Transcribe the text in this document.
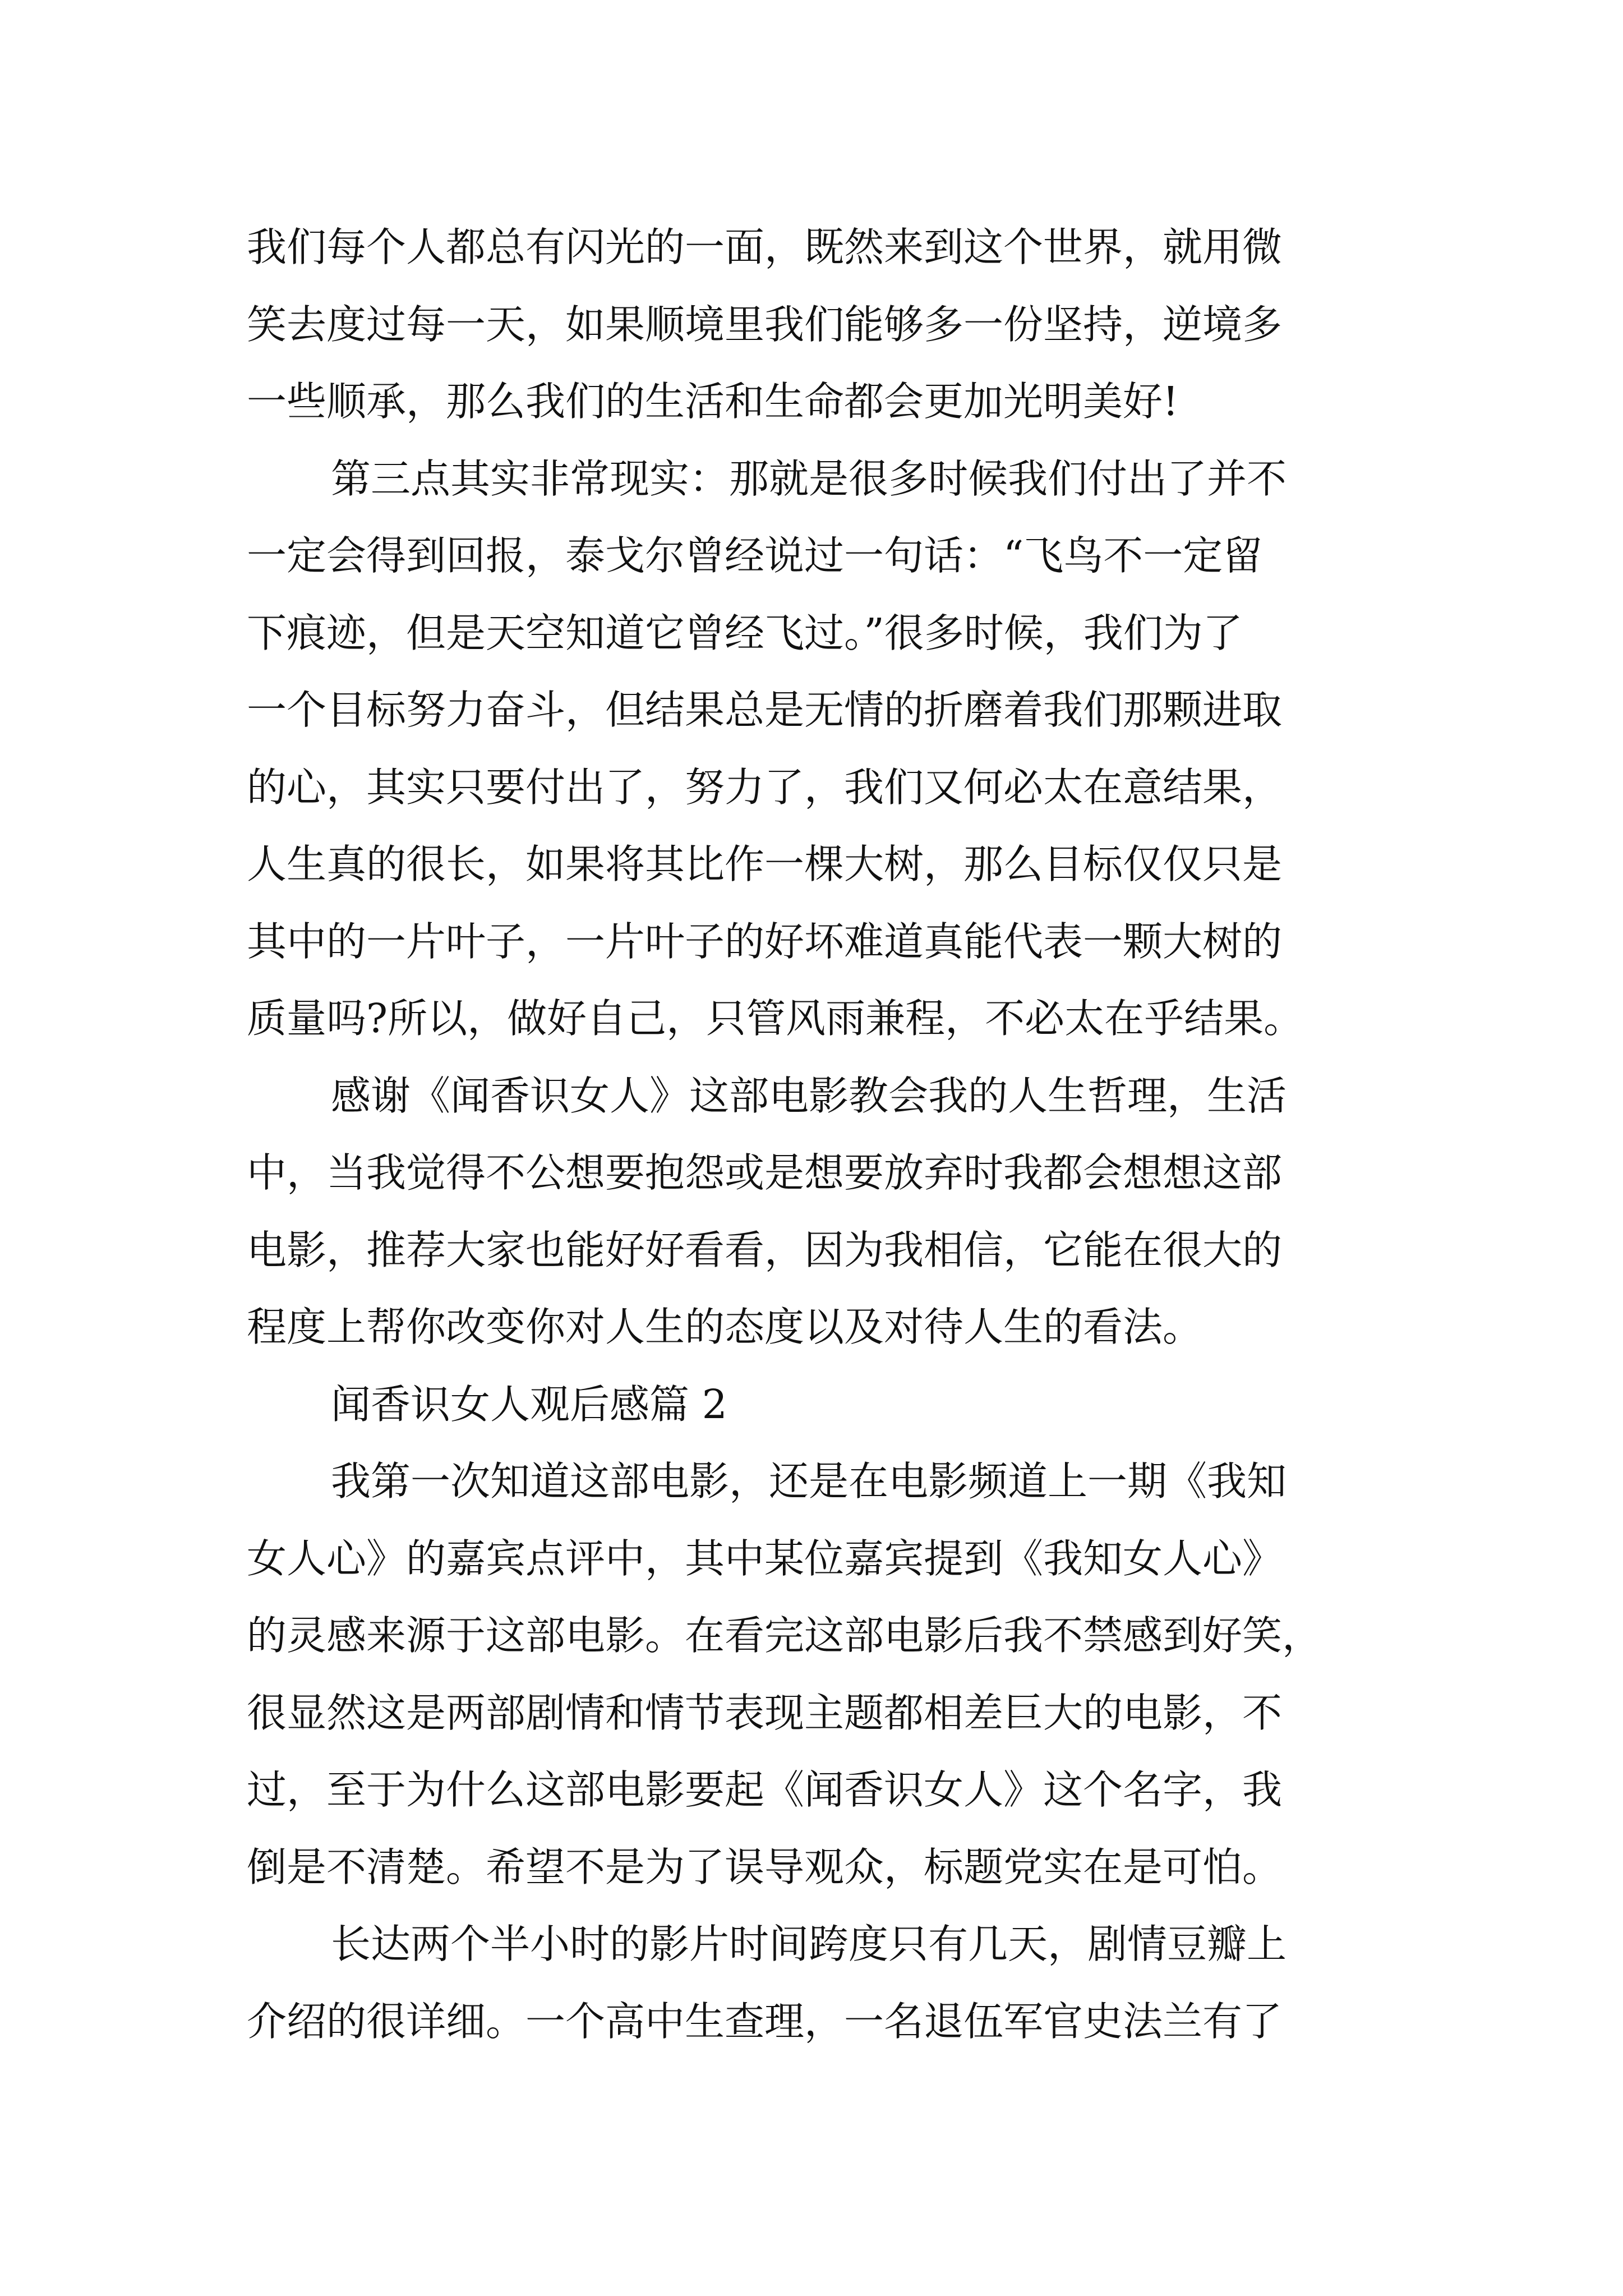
我们每个人都总有闪光的一面，既然来到这个世界，就用微
笑去度过每一天，如果顺境里我们能够多一份坚持，逆境多
一些顺承，那么我们的生活和生命都会更加光明美好!
第三点其实非常现实：那就是很多时候我们付出了并不
一定会得到回报，泰戈尔曾经说过一句话：“飞鸟不一定留
下痕迹，但是天空知道它曾经飞过。”很多时候，我们为了
一个目标努力奋斗，但结果总是无情的折磨着我们那颗进取
的心，其实只要付出了，努力了，我们又何必太在意结果，
人生真的很长，如果将其比作一棵大树，那么目标仅仅只是
其中的一片叶子，一片叶子的好坏难道真能代表一颗大树的
质量吗?所以，做好自己，只管风雨兼程，不必太在乎结果。
感谢《闻香识女人》这部电影教会我的人生哲理，生活
中，当我觉得不公想要抱怨或是想要放弃时我都会想想这部
电影，推荐大家也能好好看看，因为我相信，它能在很大的
程度上帮你改变你对人生的态度以及对待人生的看法。
闻香识女人观后感篇 2
我第一次知道这部电影，还是在电影频道上一期《我知
女人心》的嘉宾点评中，其中某位嘉宾提到《我知女人心》
的灵感来源于这部电影。在看完这部电影后我不禁感到好笑，
很显然这是两部剧情和情节表现主题都相差巨大的电影，不
过，至于为什么这部电影要起《闻香识女人》这个名字，我
倒是不清楚。希望不是为了误导观众，标题党实在是可怕。
长达两个半小时的影片时间跨度只有几天，剧情豆瓣上
介绍的很详细。一个高中生查理，一名退伍军官史法兰有了
